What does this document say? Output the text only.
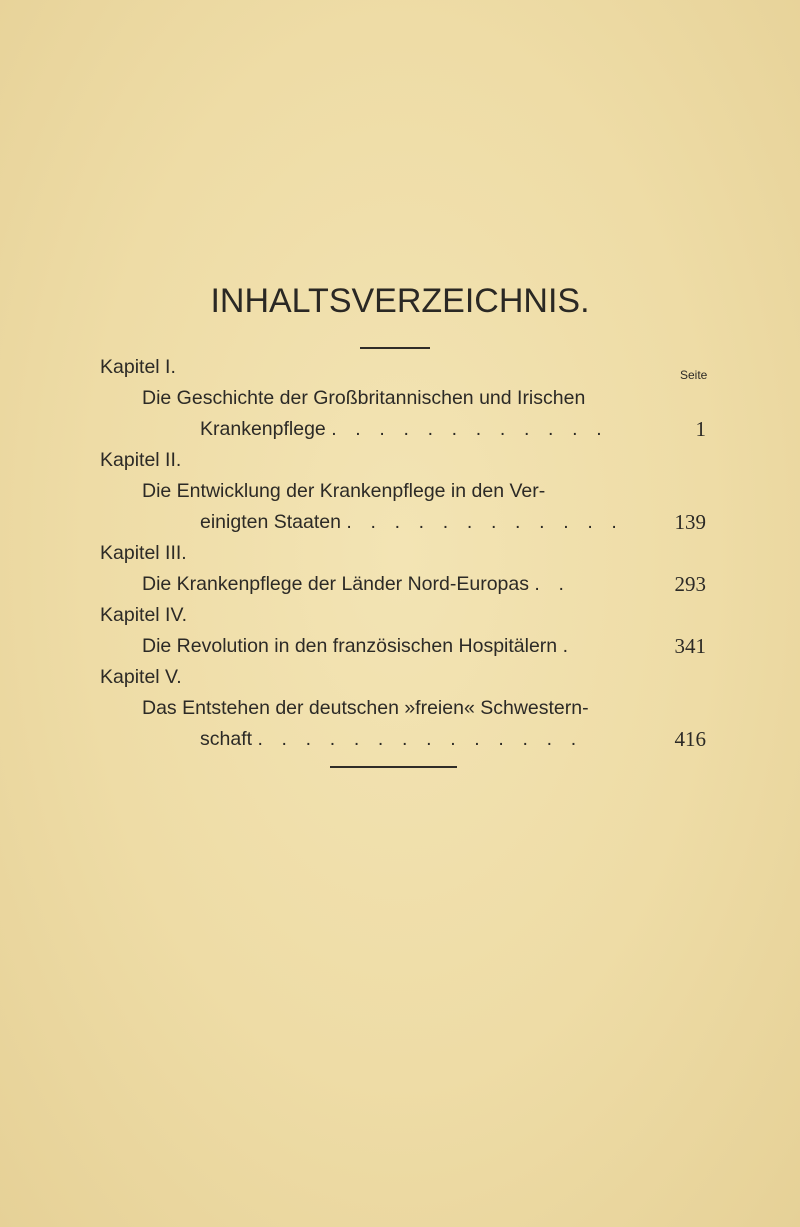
INHALTSVERZEICHNIS.
Seite
Kapitel I.
Die Geschichte der Großbritannischen und Irischen
Krankenpflege . . . . . . . . . . . .	1
Kapitel II.
Die Entwicklung der Krankenpflege in den Ver-
einigten Staaten . . . . . . . . . . . . 139
Kapitel III.
Die Krankenpflege der Länder Nord-Europas . .	293
Kapitel IV.
Die Revolution in den französischen Hospitälern .	341
Kapitel V.
Das Entstehen der deutschen »freien« Schwestern-
schaft . . . . . . . . . . . . . .	416
